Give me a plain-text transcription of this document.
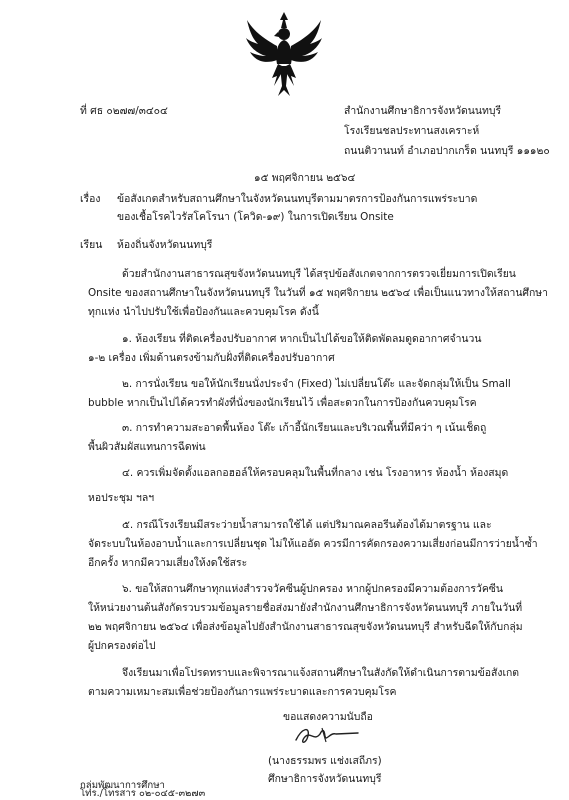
ที่ ศธ ๐๒๗๗/๓๔๐๔	สำนักงานศึกษาธิการจังหวัดนนทบุรี
โรงเรียนชลประทานสงเคราะห์
ถนนติวานนท์ อำเภอปากเกร็ด นนทบุรี ๑๑๑๒๐
๑๕ พฤศจิกายน ๒๕๖๔
เรื่อง ข้อสังเกตสำหรับสถานศึกษาในจังหวัดนนทบุรีตามมาตรการป้องกันการแพร่ระบาด
ของเชื้อโรคไวรัสโคโรนา (โควิด-๑๙) ในการเปิดเรียน Onsite
เรียน ห้องถิ่นจังหวัดนนทบุรี
ด้วยสำนักงานสาธารณสุขจังหวัดนนทบุรี ได้สรุปข้อสังเกตจากการตรวจเยี่ยมการเปิดเรียน
Onsite ของสถานศึกษาในจังหวัดนนทบุรี ในวันที่ ๑๕ พฤศจิกายน ๒๕๖๔ เพื่อเป็นแนวทางให้สถานศึกษา
ทุกแห่ง นำไปปรับใช้เพื่อป้องกันและควบคุมโรค ดังนี้
๑. ห้องเรียน ที่ติดเครื่องปรับอากาศ หากเป็นไปได้ขอให้ติดพัดลมดูดอากาศจำนวน
๑-๒ เครื่อง เพิ่มด้านตรงข้ามกับฝั่งที่ติดเครื่องปรับอากาศ
๒. การนั่งเรียน ขอให้นักเรียนนั่งประจำ (Fixed) ไม่เปลี่ยนโต๊ะ และจัดกลุ่มให้เป็น Small
bubble หากเป็นไปได้ควรทำผังที่นั่งของนักเรียนไว้ เพื่อสะดวกในการป้องกันควบคุมโรค
๓. การทำความสะอาดพื้นห้อง โต๊ะ เก้าอี้นักเรียนและบริเวณพื้นที่มีคว่า ๆ เน้นเช็ดถู
พื้นผิวสัมผัสแทนการฉีดพ่น
๔. ควรเพิ่มจัดตั้งแอลกอฮอล์ให้ครอบคลุมในพื้นที่กลาง เช่น โรงอาหาร ห้องน้ำ ห้องสมุด
หอประชุม ฯลฯ
๕. กรณีโรงเรียนมีสระว่ายน้ำสามารถใช้ได้ แต่ปริมาณคลอรีนต้องได้มาตรฐาน และ
จัดระบบในห้องอาบน้ำและการเปลี่ยนชุด ไม่ให้แออัด ควรมีการคัดกรองความเสี่ยงก่อนมีการว่ายน้ำซ้ำ
อีกครั้ง หากมีความเสี่ยงให้งดใช้สระ
๖. ขอให้สถานศึกษาทุกแห่งสำรวจวัคซีนผู้ปกครอง หากผู้ปกครองมีความต้องการวัคซีน
ให้หน่วยงานต้นสังกัดรวบรวมข้อมูลรายชื่อส่งมายังสำนักงานศึกษาธิการจังหวัดนนทบุรี ภายในวันที่
๒๒ พฤศจิกายน ๒๕๖๔ เพื่อส่งข้อมูลไปยังสำนักงานสาธารณสุขจังหวัดนนทบุรี สำหรับฉีดให้กับกลุ่ม
ผู้ปกครองต่อไป
จึงเรียนมาเพื่อโปรดทราบและพิจารณาแจ้งสถานศึกษาในสังกัดให้ดำเนินการตามข้อสังเกต
ตามความเหมาะสมเพื่อช่วยป้องกันการแพร่ระบาดและการควบคุมโรค
ขอแสดงความนับถือ
(นางธรรมพร แช่งเสถีภร)
ศึกษาธิการจังหวัดนนทบุรี
กลุ่มพัฒนาการศึกษา
โทร./โทรสาร ๐๒-๐๔๕-๓๒๗๓
